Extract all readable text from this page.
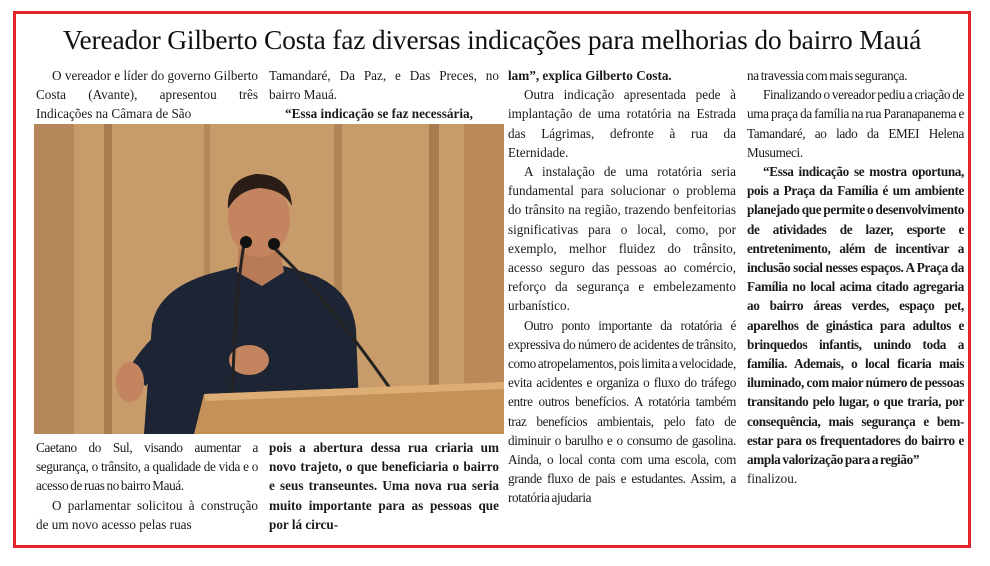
Vereador Gilberto Costa faz diversas indicações para melhorias do bairro Mauá

O vereador e líder do governo Gilberto Costa (Avante), apresentou três Indicações na Câmara de São

Tamandaré, Da Paz, e Das Preces, no bairro Mauá.

“Essa indicação se faz necessária,

Caetano do Sul, visando aumentar a segurança, o trânsito, a qualidade de vida e o acesso de ruas no bairro Mauá.

O parlamentar solicitou à construção de um novo acesso pelas ruas

pois a abertura dessa rua criaria um novo trajeto, o que beneficiaria o bairro e seus transeuntes. Uma nova rua seria muito importante para as pessoas que por lá circu-

lam”, explica Gilberto Costa.

Outra indicação apresentada pede à implantação de uma rotatória na Estrada das Lágrimas, defronte à rua da Eternidade.

A instalação de uma rotatória seria fundamental para solucionar o problema do trânsito na região, trazendo benfeitorias significativas para o local, como, por exemplo, melhor fluidez do trânsito, acesso seguro das pessoas ao comércio, reforço da segurança e embelezamento urbanístico.

Outro ponto importante da rotatória é expressiva do número de acidentes de trânsito, como atropelamentos, pois limita a velocidade, evita acidentes e organiza o fluxo do tráfego entre outros benefícios. A rotatória também traz benefícios ambientais, pelo fato de diminuir o barulho e o consumo de gasolina. Ainda, o local conta com uma escola, com grande fluxo de pais e estudantes. Assim, a rotatória ajudaria

na travessia com mais segurança.

Finalizando o vereador pediu a criação de uma praça da família na rua Paranapanema e Tamandaré, ao lado da EMEI Helena Musumeci.

“Essa indicação se mostra oportuna, pois a Praça da Família é um ambiente planejado que permite o desenvolvimento de atividades de lazer, esporte e entretenimento, além de incentivar a inclusão social nesses espaços. A Praça da Família no local acima citado agregaria ao bairro áreas verdes, espaço pet, aparelhos de ginástica para adultos e brinquedos infantis, unindo toda a família. Ademais, o local ficaria mais iluminado, com maior número de pessoas transitando pelo lugar, o que traria, por consequência, mais segurança e bem-estar para os frequentadores do bairro e ampla valorização para a região”

finalizou.
